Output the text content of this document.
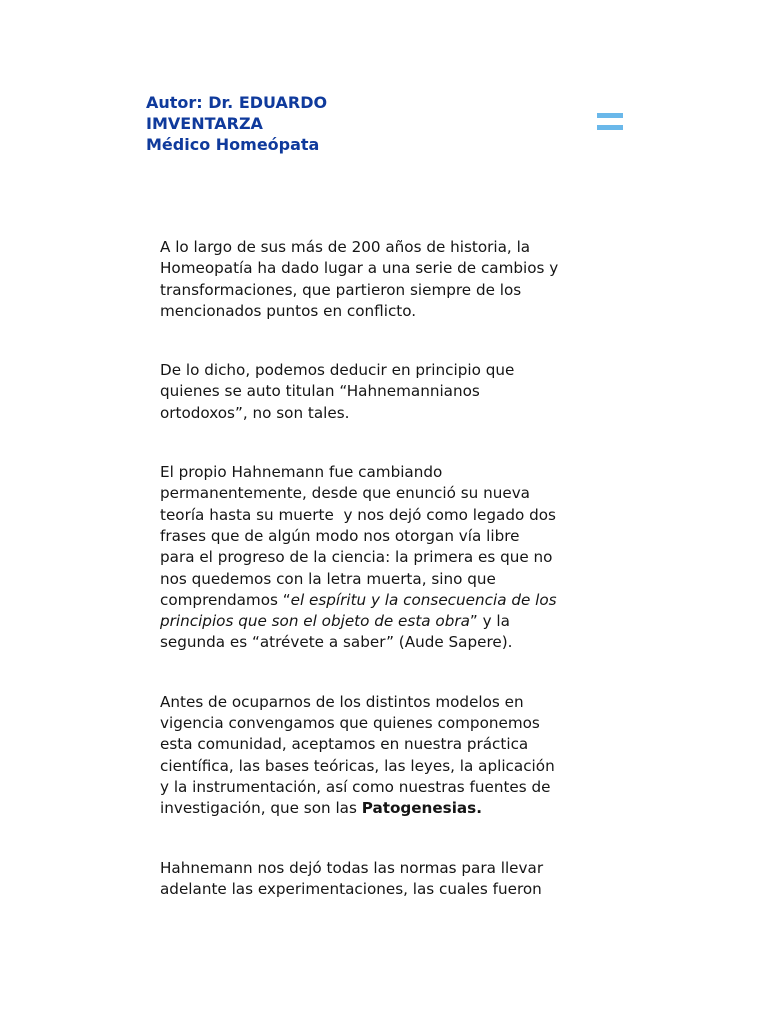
Autor: Dr. EDUARDO
IMVENTARZA
Médico Homeópata

A lo largo de sus más de 200 años de historia, la
Homeopatía ha dado lugar a una serie de cambios y
transformaciones, que partieron siempre de los
mencionados puntos en conflicto.

De lo dicho, podemos deducir en principio que
quienes se auto titulan “Hahnemannianos
ortodoxos”, no son tales.

El propio Hahnemann fue cambiando
permanentemente, desde que enunció su nueva
teoría hasta su muerte  y nos dejó como legado dos
frases que de algún modo nos otorgan vía libre
para el progreso de la ciencia: la primera es que no
nos quedemos con la letra muerta, sino que
comprendamos “el espíritu y la consecuencia de los
principios que son el objeto de esta obra” y la
segunda es “atrévete a saber” (Aude Sapere).

Antes de ocuparnos de los distintos modelos en
vigencia convengamos que quienes componemos
esta comunidad, aceptamos en nuestra práctica
científica, las bases teóricas, las leyes, la aplicación
y la instrumentación, así como nuestras fuentes de
investigación, que son las Patogenesias.

Hahnemann nos dejó todas las normas para llevar
adelante las experimentaciones, las cuales fueron
